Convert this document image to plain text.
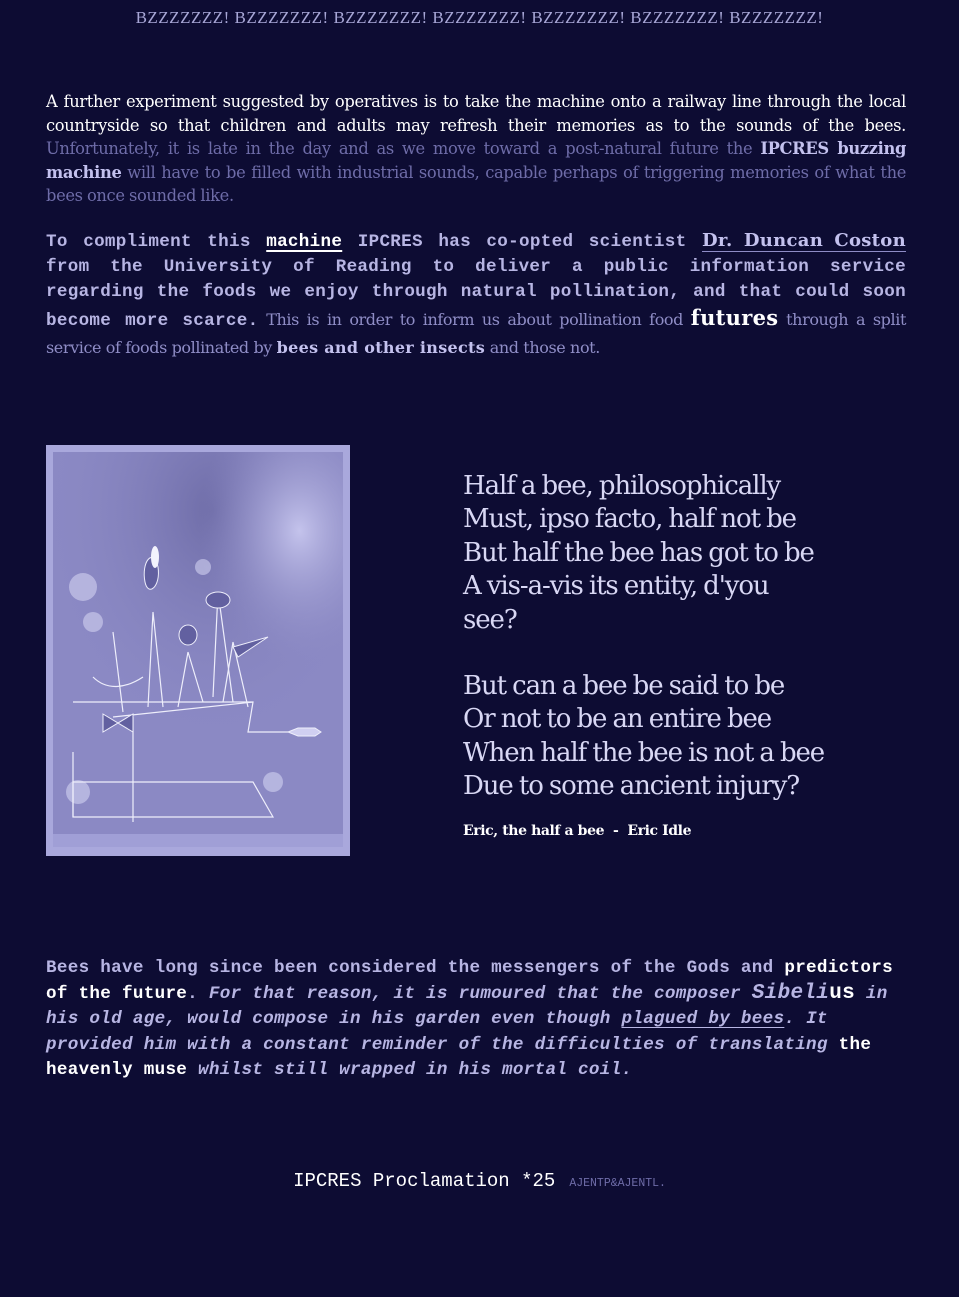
BZZZZZZZ! BZZZZZZZ! BZZZZZZZ! BZZZZZZZ! BZZZZZZZ! BZZZZZZZ! BZZZZZZZ!

A further experiment suggested by operatives is to take the machine onto a railway line through the local countryside so that children and adults may refresh their memories as to the sounds of the bees. Unfortunately, it is late in the day and as we move toward a post-natural future the IPCRES buzzing machine will have to be filled with industrial sounds, capable perhaps of triggering memories of what the bees once sounded like.

To compliment this machine IPCRES has co-opted scientist Dr. Duncan Coston from the University of Reading to deliver a public information service regarding the foods we enjoy through natural pollination, and that could soon become more scarce. This is in order to inform us about pollination food futures through a split service of foods pollinated by bees and other insects and those not.

Half a bee, philosophically
Must, ipso facto, half not be
But half the bee has got to be
A vis-a-vis its entity, d'you
see?
But can a bee be said to be
Or not to be an entire bee
When half the bee is not a bee
Due to some ancient injury?
Eric, the half a bee  -  Eric Idle

Bees have long since been considered the messengers of the Gods and predictors of the future. For that reason, it is rumoured that the composer Sibelius in his old age, would compose in his garden even though plagued by bees. It provided him with a constant reminder of the difficulties of translating the heavenly muse whilst still wrapped in his mortal coil.

IPCRES Proclamation *25 AJENTP&AJENTL.
